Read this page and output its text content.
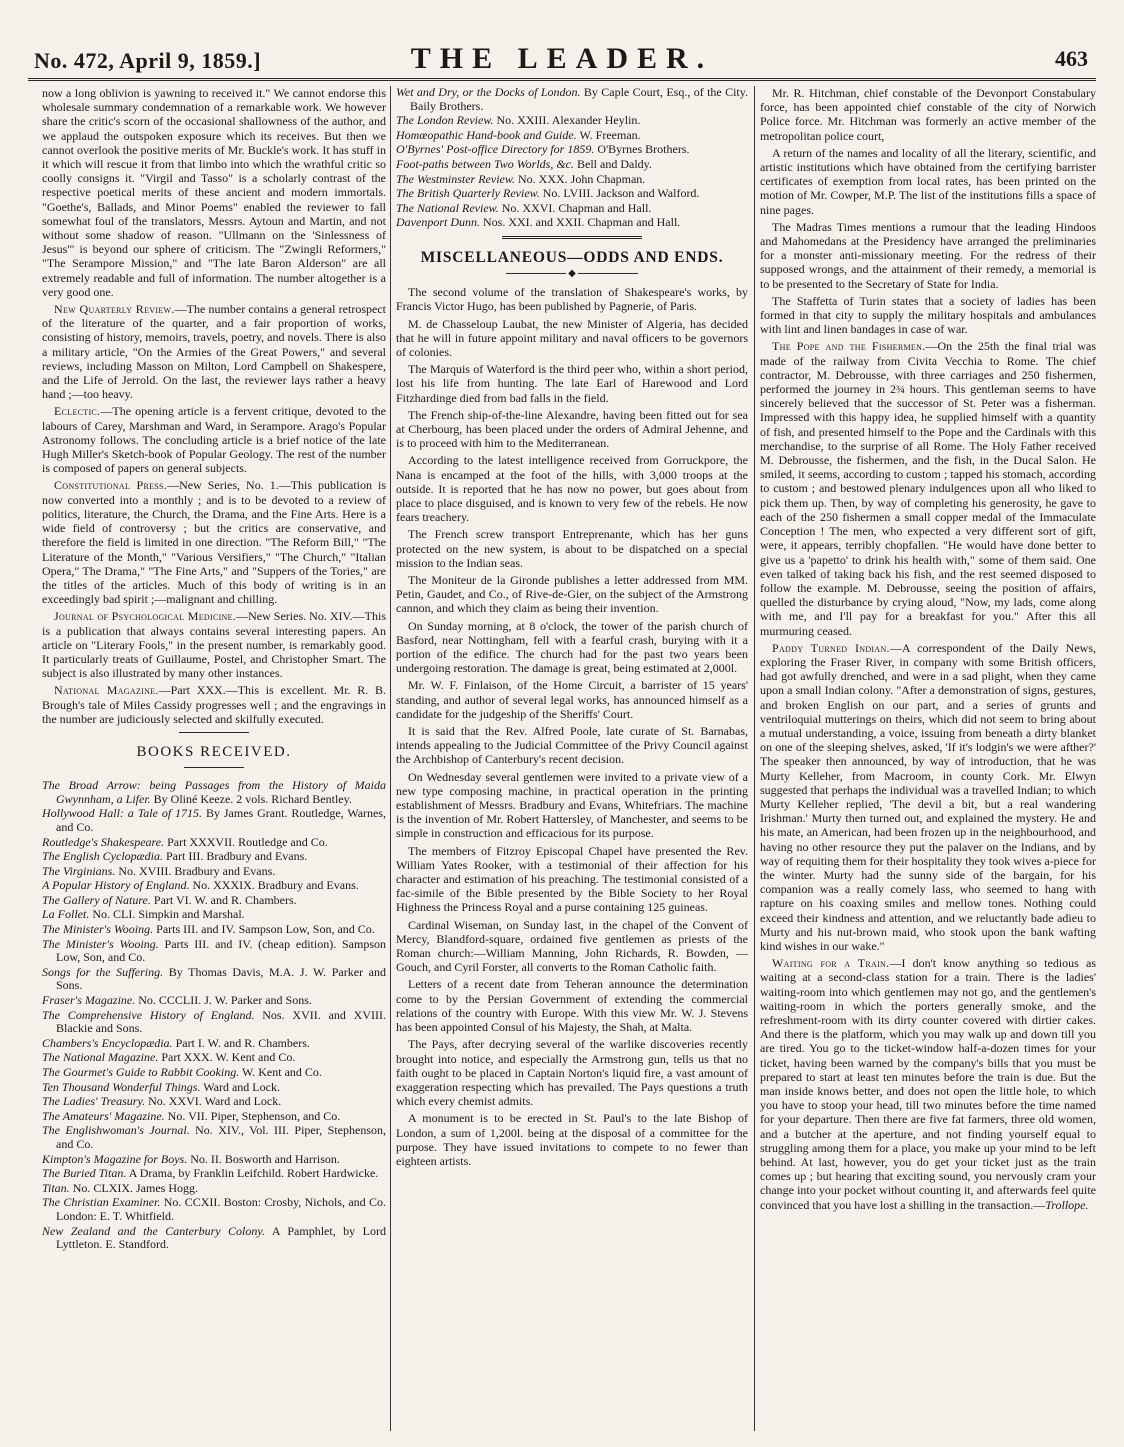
No. 472, April 9, 1859.]	THE LEADER.	463

now a long oblivion is yawning to received it." We cannot endorse this wholesale summary condemnation of a remarkable work. We however share the critic's scorn of the occasional shallowness of the author, and we applaud the outspoken exposure which its receives. But then we cannot overlook the positive merits of Mr. Buckle's work. It has stuff in it which will rescue it from that limbo into which the wrathful critic so coolly consigns it. "Virgil and Tasso" is a scholarly contrast of the respective poetical merits of these ancient and modern immortals. "Goethe's, Ballads, and Minor Poems" enabled the reviewer to fall somewhat foul of the translators, Messrs. Aytoun and Martin, and not without some shadow of reason. "Ullmann on the 'Sinlessness of Jesus'" is beyond our sphere of criticism. The "Zwingli Reformers," "The Serampore Mission," and "The late Baron Alderson" are all extremely readable and full of information. The number altogether is a very good one.

New Quarterly Review.—The number contains a general retrospect of the literature of the quarter, and a fair proportion of works, consisting of history, memoirs, travels, poetry, and novels. There is also a military article, "On the Armies of the Great Powers," and several reviews, including Masson on Milton, Lord Campbell on Shakespere, and the Life of Jerrold. On the last, the reviewer lays rather a heavy hand ;—too heavy.

Eclectic.—The opening article is a fervent critique, devoted to the labours of Carey, Marshman and Ward, in Serampore. Arago's Popular Astronomy follows. The concluding article is a brief notice of the late Hugh Miller's Sketch-book of Popular Geology. The rest of the number is composed of papers on general subjects.

Constitutional Press.—New Series, No. 1.—This publication is now converted into a monthly ; and is to be devoted to a review of politics, literature, the Church, the Drama, and the Fine Arts. Here is a wide field of controversy ; but the critics are conservative, and therefore the field is limited in one direction. "The Reform Bill," "The Literature of the Month," "Various Versifiers," "The Church," "Italian Opera," The Drama," "The Fine Arts," and "Suppers of the Tories," are the titles of the articles. Much of this body of writing is in an exceedingly bad spirit ;—malignant and chilling.

Journal of Psychological Medicine.—New Series. No. XIV.—This is a publication that always contains several interesting papers. An article on "Literary Fools," in the present number, is remarkably good. It particularly treats of Guillaume, Postel, and Christopher Smart. The subject is also illustrated by many other instances.

National Magazine.—Part XXX.—This is excellent. Mr. R. B. Brough's tale of Miles Cassidy progresses well ; and the engravings in the number are judiciously selected and skilfully executed.

BOOKS RECEIVED.
The Broad Arrow: being Passages from the History of Maida Gwynnham, a Lifer. By Oliné Keeze. 2 vols. Richard Bentley.
Hollywood Hall: a Tale of 1715. By James Grant. Routledge, Warnes, and Co.
Routledge's Shakespeare. Part XXXVII. Routledge and Co.
The English Cyclopædia. Part III. Bradbury and Evans.
The Virginians. No. XVIII. Bradbury and Evans.
A Popular History of England. No. XXXIX. Bradbury and Evans.
The Gallery of Nature. Part VI. W. and R. Chambers.
La Follet. No. CLI. Simpkin and Marshal.
The Minister's Wooing. Parts III. and IV. Sampson Low, Son, and Co.
The Minister's Wooing. Parts III. and IV. (cheap edition). Sampson Low, Son, and Co.
Songs for the Suffering. By Thomas Davis, M.A. J. W. Parker and Sons.
Fraser's Magazine. No. CCCLII. J. W. Parker and Sons.
The Comprehensive History of England. Nos. XVII. and XVIII. Blackie and Sons.
Chambers's Encyclopædia. Part I. W. and R. Chambers.
The National Magazine. Part XXX. W. Kent and Co.
The Gourmet's Guide to Rabbit Cooking. W. Kent and Co.
Ten Thousand Wonderful Things. Ward and Lock.
The Ladies' Treasury. No. XXVI. Ward and Lock.
The Amateurs' Magazine. No. VII. Piper, Stephenson, and Co.
The Englishwoman's Journal. No. XIV., Vol. III. Piper, Stephenson, and Co.
Kimpton's Magazine for Boys. No. II. Bosworth and Harrison.
The Buried Titan. A Drama, by Franklin Leifchild. Robert Hardwicke.
Titan. No. CLXIX. James Hogg.
The Christian Examiner. No. CCXII. Boston: Crosby, Nichols, and Co. London: E. T. Whitfield.
New Zealand and the Canterbury Colony. A Pamphlet, by Lord Lyttleton. E. Standford.
Wet and Dry, or the Docks of London. By Caple Court, Esq., of the City. Baily Brothers.
The London Review. No. XXIII. Alexander Heylin.
Homœopathic Hand-book and Guide. W. Freeman.
O'Byrnes' Post-office Directory for 1859. O'Byrnes Brothers.
Foot-paths between Two Worlds, &c. Bell and Daldy.
The Westminster Review. No. XXX. John Chapman.
The British Quarterly Review. No. LVIII. Jackson and Walford.
The National Review. No. XXVI. Chapman and Hall.
Davenport Dunn. Nos. XXI. and XXII. Chapman and Hall.
MISCELLANEOUS—ODDS AND ENDS.
◆

The second volume of the translation of Shakespeare's works, by Francis Victor Hugo, has been published by Pagnerie, of Paris.

M. de Chasseloup Laubat, the new Minister of Algeria, has decided that he will in future appoint military and naval officers to be governors of colonies.

The Marquis of Waterford is the third peer who, within a short period, lost his life from hunting. The late Earl of Harewood and Lord Fitzhardinge died from bad falls in the field.

The French ship-of-the-line Alexandre, having been fitted out for sea at Cherbourg, has been placed under the orders of Admiral Jehenne, and is to proceed with him to the Mediterranean.

According to the latest intelligence received from Gorruckpore, the Nana is encamped at the foot of the hills, with 3,000 troops at the outside. It is reported that he has now no power, but goes about from place to place disguised, and is known to very few of the rebels. He now fears treachery.

The French screw transport Entreprenante, which has her guns protected on the new system, is about to be dispatched on a special mission to the Indian seas.

The Moniteur de la Gironde publishes a letter addressed from MM. Petin, Gaudet, and Co., of Rive-de-Gier, on the subject of the Armstrong cannon, and which they claim as being their invention.

On Sunday morning, at 8 o'clock, the tower of the parish church of Basford, near Nottingham, fell with a fearful crash, burying with it a portion of the edifice. The church had for the past two years been undergoing restoration. The damage is great, being estimated at 2,000l.

Mr. W. F. Finlaison, of the Home Circuit, a barrister of 15 years' standing, and author of several legal works, has announced himself as a candidate for the judgeship of the Sheriffs' Court.

It is said that the Rev. Alfred Poole, late curate of St. Barnabas, intends appealing to the Judicial Committee of the Privy Council against the Archbishop of Canterbury's recent decision.

On Wednesday several gentlemen were invited to a private view of a new type composing machine, in practical operation in the printing establishment of Messrs. Bradbury and Evans, Whitefriars. The machine is the invention of Mr. Robert Hattersley, of Manchester, and seems to be simple in construction and efficacious for its purpose.

The members of Fitzroy Episcopal Chapel have presented the Rev. William Yates Rooker, with a testimonial of their affection for his character and estimation of his preaching. The testimonial consisted of a fac-simile of the Bible presented by the Bible Society to her Royal Highness the Princess Royal and a purse containing 125 guineas.

Cardinal Wiseman, on Sunday last, in the chapel of the Convent of Mercy, Blandford-square, ordained five gentlemen as priests of the Roman church:—William Manning, John Richards, R. Bowden, —Gouch, and Cyril Forster, all converts to the Roman Catholic faith.

Letters of a recent date from Teheran announce the determination come to by the Persian Government of extending the commercial relations of the country with Europe. With this view Mr. W. J. Stevens has been appointed Consul of his Majesty, the Shah, at Malta.

The Pays, after decrying several of the warlike discoveries recently brought into notice, and especially the Armstrong gun, tells us that no faith ought to be placed in Captain Norton's liquid fire, a vast amount of exaggeration respecting which has prevailed. The Pays questions a truth which every chemist admits.

A monument is to be erected in St. Paul's to the late Bishop of London, a sum of 1,200l. being at the disposal of a committee for the purpose. They have issued invitations to compete to no fewer than eighteen artists.

Mr. R. Hitchman, chief constable of the Devonport Constabulary force, has been appointed chief constable of the city of Norwich Police force. Mr. Hitchman was formerly an active member of the metropolitan police court,

A return of the names and locality of all the literary, scientific, and artistic institutions which have obtained from the certifying barrister certificates of exemption from local rates, has been printed on the motion of Mr. Cowper, M.P. The list of the institutions fills a space of nine pages.

The Madras Times mentions a rumour that the leading Hindoos and Mahomedans at the Presidency have arranged the preliminaries for a monster anti-missionary meeting. For the redress of their supposed wrongs, and the attainment of their remedy, a memorial is to be presented to the Secretary of State for India.

The Staffetta of Turin states that a society of ladies has been formed in that city to supply the military hospitals and ambulances with lint and linen bandages in case of war.

The Pope and the Fishermen.—On the 25th the final trial was made of the railway from Civita Vecchia to Rome. The chief contractor, M. Debrousse, with three carriages and 250 fishermen, performed the journey in 2¾ hours. This gentleman seems to have sincerely believed that the successor of St. Peter was a fisherman. Impressed with this happy idea, he supplied himself with a quantity of fish, and presented himself to the Pope and the Cardinals with this merchandise, to the surprise of all Rome. The Holy Father received M. Debrousse, the fishermen, and the fish, in the Ducal Salon. He smiled, it seems, according to custom ; tapped his stomach, according to custom ; and bestowed plenary indulgences upon all who liked to pick them up. Then, by way of completing his generosity, he gave to each of the 250 fishermen a small copper medal of the Immaculate Conception ! The men, who expected a very different sort of gift, were, it appears, terribly chopfallen. "He would have done better to give us a 'papetto' to drink his health with," some of them said. One even talked of taking back his fish, and the rest seemed disposed to follow the example. M. Debrousse, seeing the position of affairs, quelled the disturbance by crying aloud, "Now, my lads, come along with me, and I'll pay for a breakfast for you." After this all murmuring ceased.

Paddy Turned Indian.—A correspondent of the Daily News, exploring the Fraser River, in company with some British officers, had got awfully drenched, and were in a sad plight, when they came upon a small Indian colony. "After a demonstration of signs, gestures, and broken English on our part, and a series of grunts and ventriloquial mutterings on theirs, which did not seem to bring about a mutual understanding, a voice, issuing from beneath a dirty blanket on one of the sleeping shelves, asked, 'If it's lodgin's we were afther?' The speaker then announced, by way of introduction, that he was Murty Kelleher, from Macroom, in county Cork. Mr. Elwyn suggested that perhaps the individual was a travelled Indian; to which Murty Kelleher replied, 'The devil a bit, but a real wandering Irishman.' Murty then turned out, and explained the mystery. He and his mate, an American, had been frozen up in the neighbourhood, and having no other resource they put the palaver on the Indians, and by way of requiting them for their hospitality they took wives a-piece for the winter. Murty had the sunny side of the bargain, for his companion was a really comely lass, who seemed to hang with rapture on his coaxing smiles and mellow tones. Nothing could exceed their kindness and attention, and we reluctantly bade adieu to Murty and his nut-brown maid, who stook upon the bank wafting kind wishes in our wake."

Waiting for a Train.—I don't know anything so tedious as waiting at a second-class station for a train. There is the ladies' waiting-room into which gentlemen may not go, and the gentlemen's waiting-room in which the porters generally smoke, and the refreshment-room with its dirty counter covered with dirtier cakes. And there is the platform, which you may walk up and down till you are tired. You go to the ticket-window half-a-dozen times for your ticket, having been warned by the company's bills that you must be prepared to start at least ten minutes before the train is due. But the man inside knows better, and does not open the little hole, to which you have to stoop your head, till two minutes before the time named for your departure. Then there are five fat farmers, three old women, and a butcher at the aperture, and not finding yourself equal to struggling among them for a place, you make up your mind to be left behind. At last, however, you do get your ticket just as the train comes up ; but hearing that exciting sound, you nervously cram your change into your pocket without counting it, and afterwards feel quite convinced that you have lost a shilling in the transaction.—Trollope.
